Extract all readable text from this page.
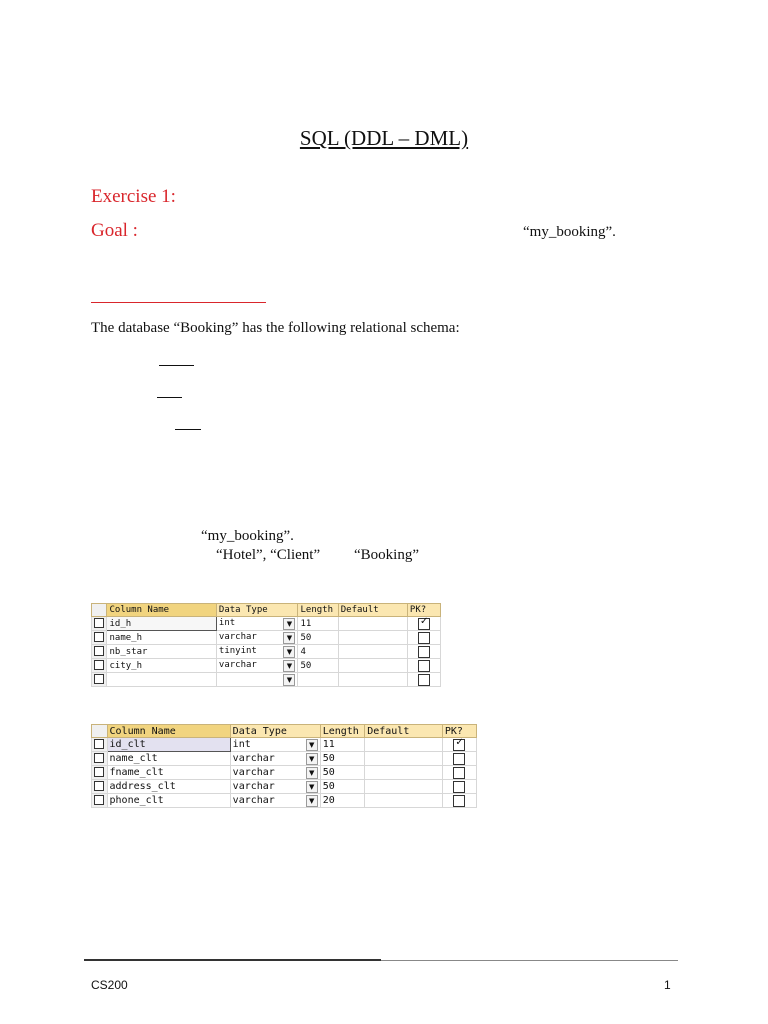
SQL (DDL – DML)
Exercise 1:
Goal :	“my_booking”.
The database “Booking” has the following relational schema:
“my_booking”.
“Hotel”, “Client” “Booking”
	Column Name	Data Type	Length	Default	PK?
	id_h	int ▼	11		✓
	name_h	varchar ▼	50		
	nb_star	tinyint ▼	4		
	city_h	varchar ▼	50		

		▼			

	Column Name	Data Type	Length	Default	PK?
	id_clt	int ▼	11		✓
	name_clt	varchar ▼	50		
	fname_clt	varchar ▼	50		
	address_clt	varchar ▼	50		
	phone_clt	varchar ▼	20		
CS200	1
